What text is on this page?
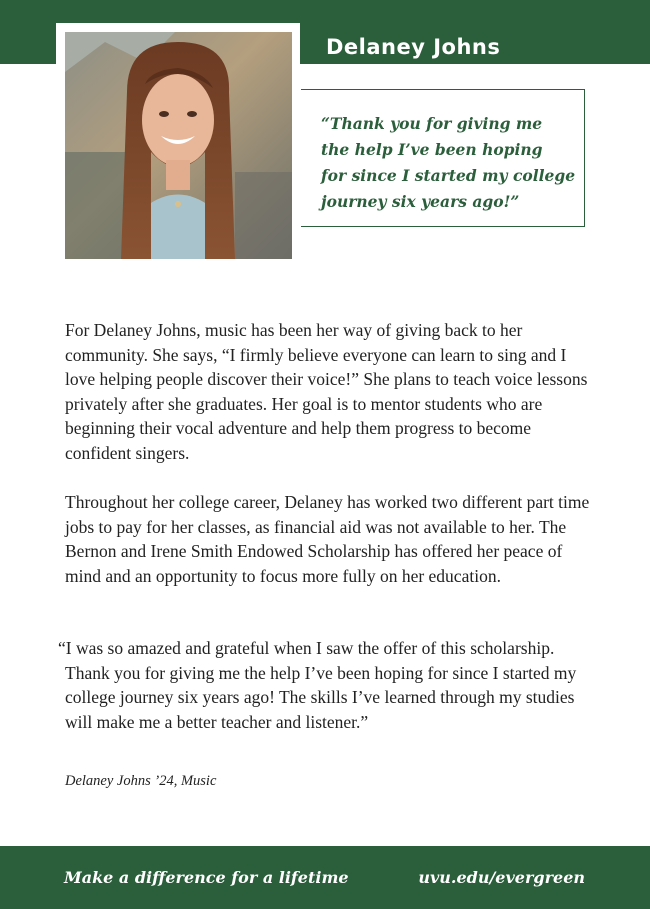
Delaney Johns
“Thank you for giving me
the help I’ve been hoping
for since I started my college
journey six years ago!”

For Delaney Johns, music has been her way of giving back to her community. She says, “I firmly believe everyone can learn to sing and I love helping people discover their voice!” She plans to teach voice lessons privately after she graduates. Her goal is to mentor students who are beginning their vocal adventure and help them progress to become confident singers.

Throughout her college career, Delaney has worked two different part time jobs to pay for her classes, as financial aid was not available to her. The Bernon and Irene Smith Endowed Scholarship has offered her peace of mind and an opportunity to focus more fully on her education.

“I was so amazed and grateful when I saw the offer of this scholarship. Thank you for giving me the help I’ve been hoping for since I started my college journey six years ago! The skills I’ve learned through my studies will make me a better teacher and listener.”

Delaney Johns ’24, Music
Make a difference for a lifetime	uvu.edu/evergreen
